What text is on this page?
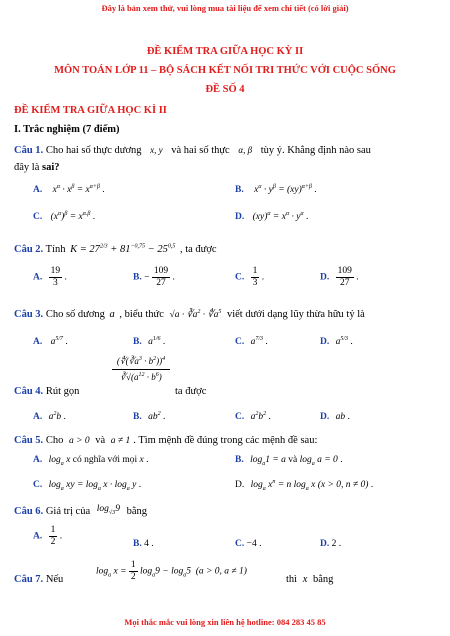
Đây là bản xem thử, vui lòng mua tài liệu để xem chi tiết (có lời giải)
ĐỀ KIỂM TRA GIỮA HỌC KỲ II
MÔN TOÁN LỚP 11 – BỘ SÁCH KẾT NỐI TRI THỨC VỚI CUỘC SỐNG
ĐỀ SỐ 4
ĐỀ KIỂM TRA GIỮA HỌC KÌ II
I. Trắc nghiệm (7 điểm)
Câu 1. Cho hai số thực dương x, y và hai số thực α, β tùy ý. Khẳng định nào sau
đây là sai?
A. $x^\alpha \cdot x^\beta = x^{\alpha+\beta}$ .	B. $x^\alpha \cdot y^\beta = (xy)^{\alpha+\beta}$ .
C. $(x^\alpha)^\beta = x^{\alpha.\beta}$ .	D. $(xy)^\alpha = x^\alpha \cdot y^\alpha$ .
Câu 2. Tính $K = 27^{2/3} + 81^{-0,75} - 25^{0,5}$ , ta được
A. $\frac{19}{3}$ .	B. − $\frac{109}{27}$ .	C. $\frac{1}{3}$ .	D. $\frac{109}{27}$ .
Câu 3. Cho số dương a , biểu thức $√a \cdot ∛a^2$ · $∜a^5$ viết dưới dạng lũy thừa hữu tỷ là
A. $a^{5/7}$ .	B. $a^{1/6}$ .	C. $a^{7/3}$ .	D. $a^{5/3}$ .
Câu 4. Rút gọn
$(∜(∛a^3 \cdot b^2))^4$
$∛√(a^{12} \cdot b^6)$
ta được
A. $a^2b$ .	B. $ab^2$ .	C. $a^2b^2$ .	D. ab .
Câu 5. Cho a > 0 và a ≠ 1 . Tìm mệnh đề đúng trong các mệnh đề sau:
A. $\log_a x$ có nghĩa với mọi x .	B. $\log_a1 = a$ và $\log_a a = 0$ .
C. $\log_a$ xy = $\log_a x \cdot \log_a y$ .	D. $\log_a x^n = n$ $\log_a x$ (x > 0, n ≠ 0) .
Câu 6. Giá trị của $\log_{√3}9$ bằng
A. $\frac{1}{2}$ .
B. 4 .	C. −4 .	D. 2 .
Câu 7. Nếu
$\log_a x = \frac{1}{2} \log_a9 - \log_a5$  (a > 0, a ≠ 1)
thì x bằng
Mọi thắc mắc vui lòng xin liên hệ hotline: 084 283 45 85
